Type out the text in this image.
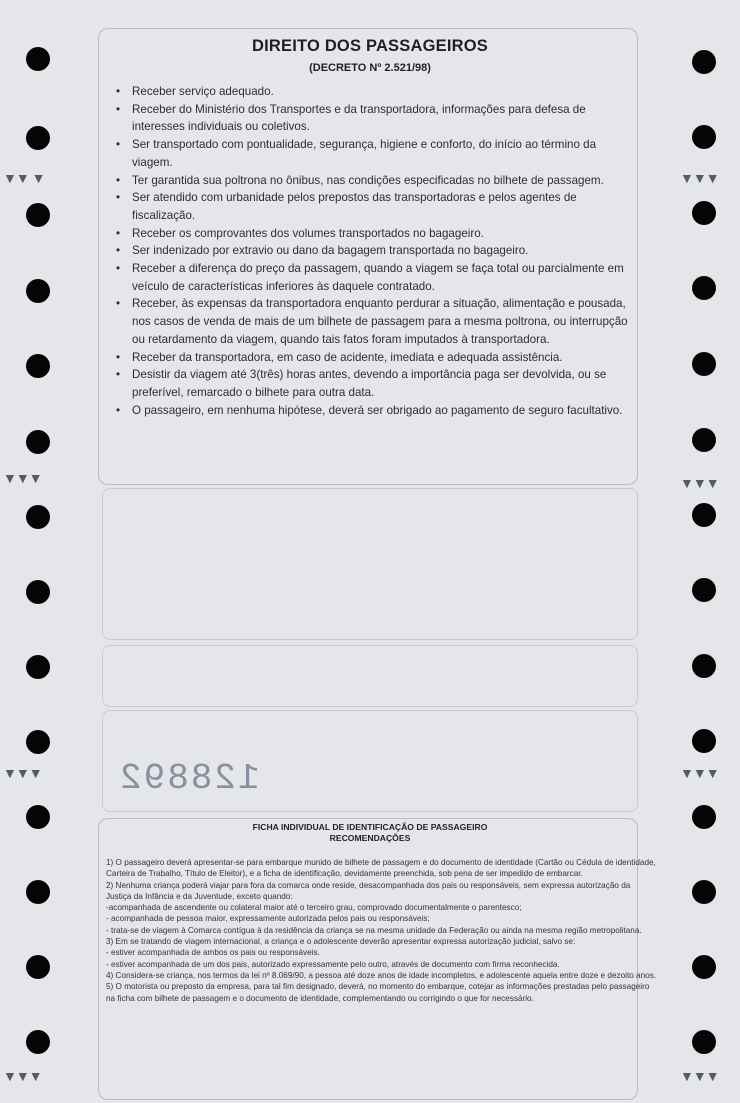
▼▼ ▼	▼▼▼
▼▼▼	▼▼▼
▼▼▼	▼▼▼
▼▼▼	▼▼▼
DIREITO DOS PASSAGEIROS
(DECRETO Nº 2.521/98)
• Receber serviço adequado.
• Receber do Ministério dos Transportes e da transportadora, informações para defesa de interesses individuais ou coletivos.
• Ser transportado com pontualidade, segurança, higiene e conforto, do início ao término da viagem.
• Ter garantida sua poltrona no ônibus, nas condições especificadas no bilhete de passagem.
• Ser atendido com urbanidade pelos prepostos das transportadoras e pelos agentes de fiscalização.
• Receber os comprovantes dos volumes transportados no bagageiro.
• Ser indenizado por extravio ou dano da bagagem transportada no bagageiro.
• Receber a diferença do preço da passagem, quando a viagem se faça total ou parcialmente em veículo de características inferiores às daquele contratado.
• Receber, às expensas da transportadora enquanto perdurar a situação, alimentação e pousada, nos casos de venda de mais de um bilhete de passagem para a mesma poltrona, ou interrupção ou retardamento da viagem, quando tais fatos foram imputados à transportadora.
• Receber da transportadora, em caso de acidente, imediata e adequada assistência.
• Desistir da viagem até 3(três) horas antes, devendo a importância paga ser devolvida, ou se preferível, remarcado o bilhete para outra data.
• O passageiro, em nenhuma hipótese, deverá ser obrigado ao pagamento de seguro facultativo.
128892
FICHA INDIVIDUAL DE IDENTIFICAÇÃO DE PASSAGEIRO
RECOMENDAÇÕES
1) O passageiro deverá apresentar-se para embarque munido de bilhete de passagem e do documento de identidade (Cartão ou Cédula de identidade, Carteira de Trabalho, Título de Eleitor), e a ficha de identificação, devidamente preenchida, sob pena de ser impedido de embarcar.
2) Nenhuma criança poderá viajar para fora da comarca onde reside, desacompanhada dos pais ou responsáveis, sem expressa autorização da Justiça da Infância e da Juventude, exceto quando:
-acompanhada de ascendente ou colateral maior até o terceiro grau, comprovado documentalmente o parentesco;
- acompanhada de pessoa maior, expressamente autorizada pelos pais ou responsáveis;
- trata-se de viagem à Comarca contígua à da residência da criança se na mesma unidade da Federação ou ainda na mesma região metropolitana.
3) Em se tratando de viagem internacional, a criança e o adolescente deverão apresentar expressa autorização judicial, salvo se:
- estiver acompanhada de ambos os pais ou responsáveis.
- estiver acompanhada de um dos pais, autorizado expressamente pelo outro, através de documento com firma reconhecida.
4) Considera-se criança, nos termos da lei nº 8.069/90, a pessoa até doze anos de idade incompletos, e adolescente aquela entre doze e dezoito anos.
5) O motorista ou preposto da empresa, para tal fim designado, deverá, no momento do embarque, cotejar as informações prestadas pelo passageiro na ficha com bilhete de passagem e o documento de identidade, complementando ou corrigindo o que for necessário.
